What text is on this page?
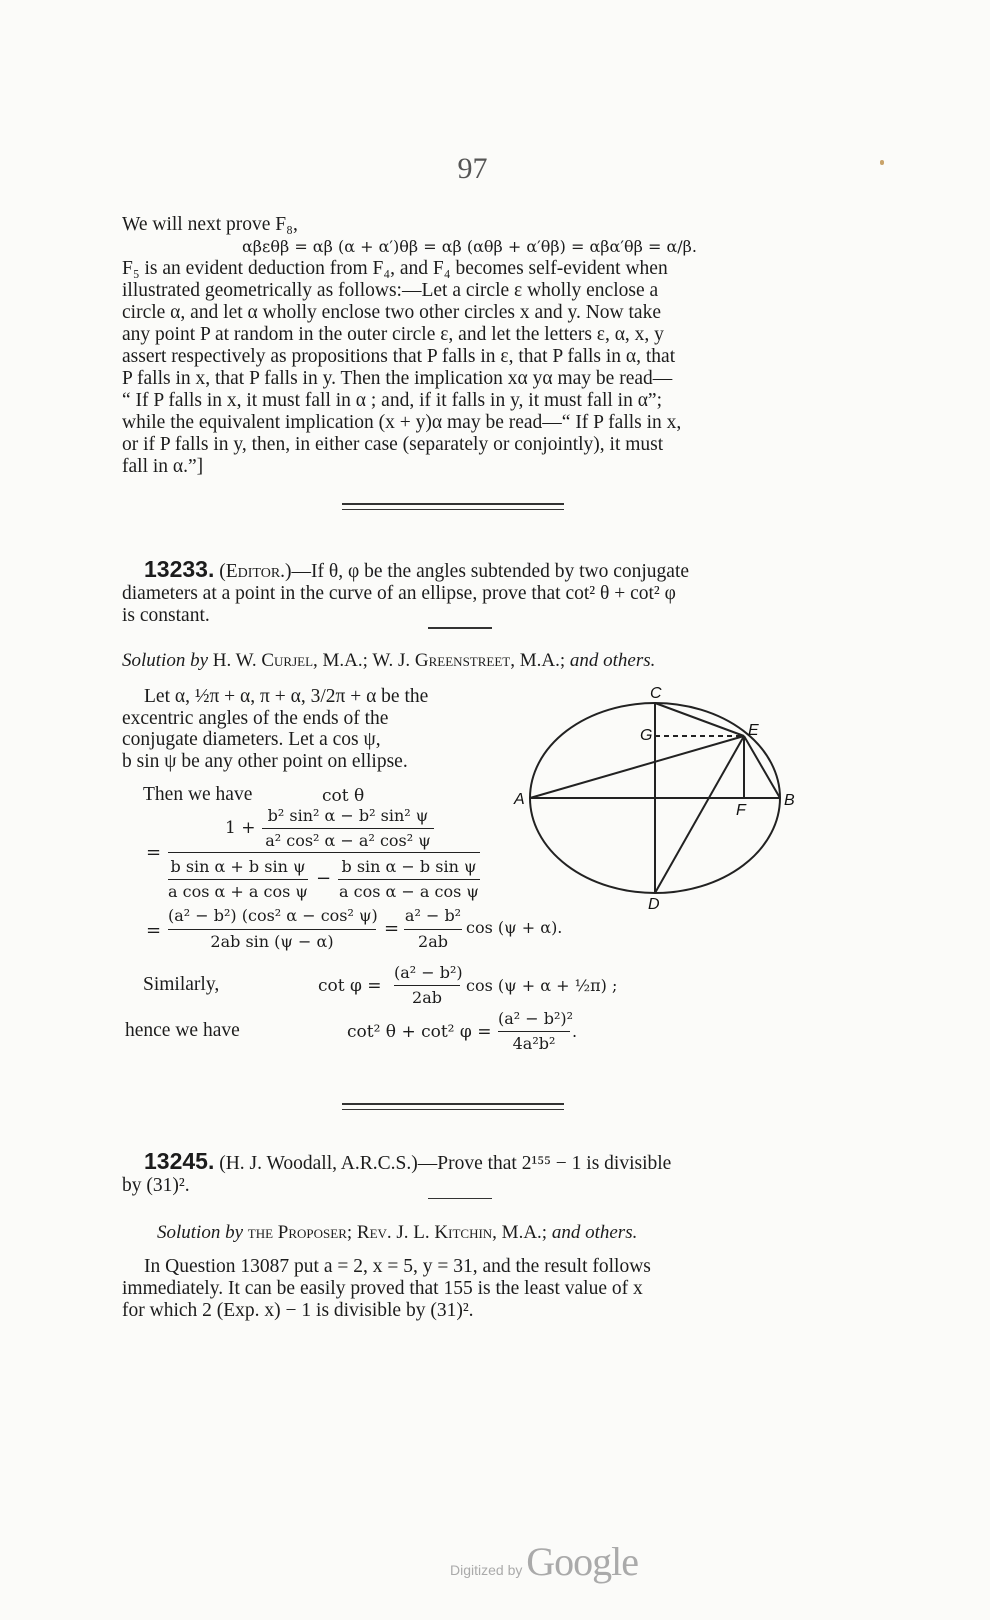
97
We will next prove F₈,
αβεθβ = αβ (α + α′)θβ = αβ (αθβ + α′θβ) = αβα′θβ = α/β.
F₅ is an evident deduction from F₄, and F₄ becomes self-evident when
illustrated geometrically as follows:—Let a circle ε wholly enclose a
circle α, and let α wholly enclose two other circles x and y. Now take
any point P at random in the outer circle ε, and let the letters ε, α, x, y
assert respectively as propositions that P falls in ε, that P falls in α, that
P falls in x, that P falls in y. Then the implication xα yα may be read—
“ If P falls in x, it must fall in α ; and, if it falls in y, it must fall in α”;
while the equivalent implication (x + y)α may be read—“ If P falls in x,
or if P falls in y, then, in either case (separately or conjointly), it must
fall in α.”]
13233. (Editor.)—If θ, φ be the angles subtended by two conjugate
diameters at a point in the curve of an ellipse, prove that cot² θ + cot² φ
is constant.
Solution by H. W. Curjel, M.A.; W. J. Greenstreet, M.A.; and others.
Let α, ½π + α, π + α, 3/2π + α be the
excentric angles of the ends of the
conjugate diameters. Let a cos ψ,
b sin ψ be any other point on ellipse.
Then we have	cot θ
1 +
b² sin² α − b² sin² ψ
a² cos² α − a² cos² ψ
=
b sin α + b sin ψ
a cos α + a cos ψ
−
b sin α − b sin ψ
a cos α − a cos ψ
=
(a² − b²) (cos² α − cos² ψ)
2ab sin (ψ − α)
=
a² − b²
2ab
cos (ψ + α).
Similarly,	cot φ =
(a² − b²)
2ab
cos (ψ + α + ½π) ;
hence we have	cot² θ + cot² φ =
(a² − b²)²
4a²b²
.
C
G	E
A
F
B
D
13245. (H. J. Woodall, A.R.C.S.)—Prove that 2¹⁵⁵ − 1 is divisible
by (31)².
Solution by the Proposer; Rev. J. L. Kitchin, M.A.; and others.
In Question 13087 put a = 2, x = 5, y = 31, and the result follows
immediately. It can be easily proved that 155 is the least value of x
for which 2 (Exp. x) − 1 is divisible by (31)².
Digitized by Google
